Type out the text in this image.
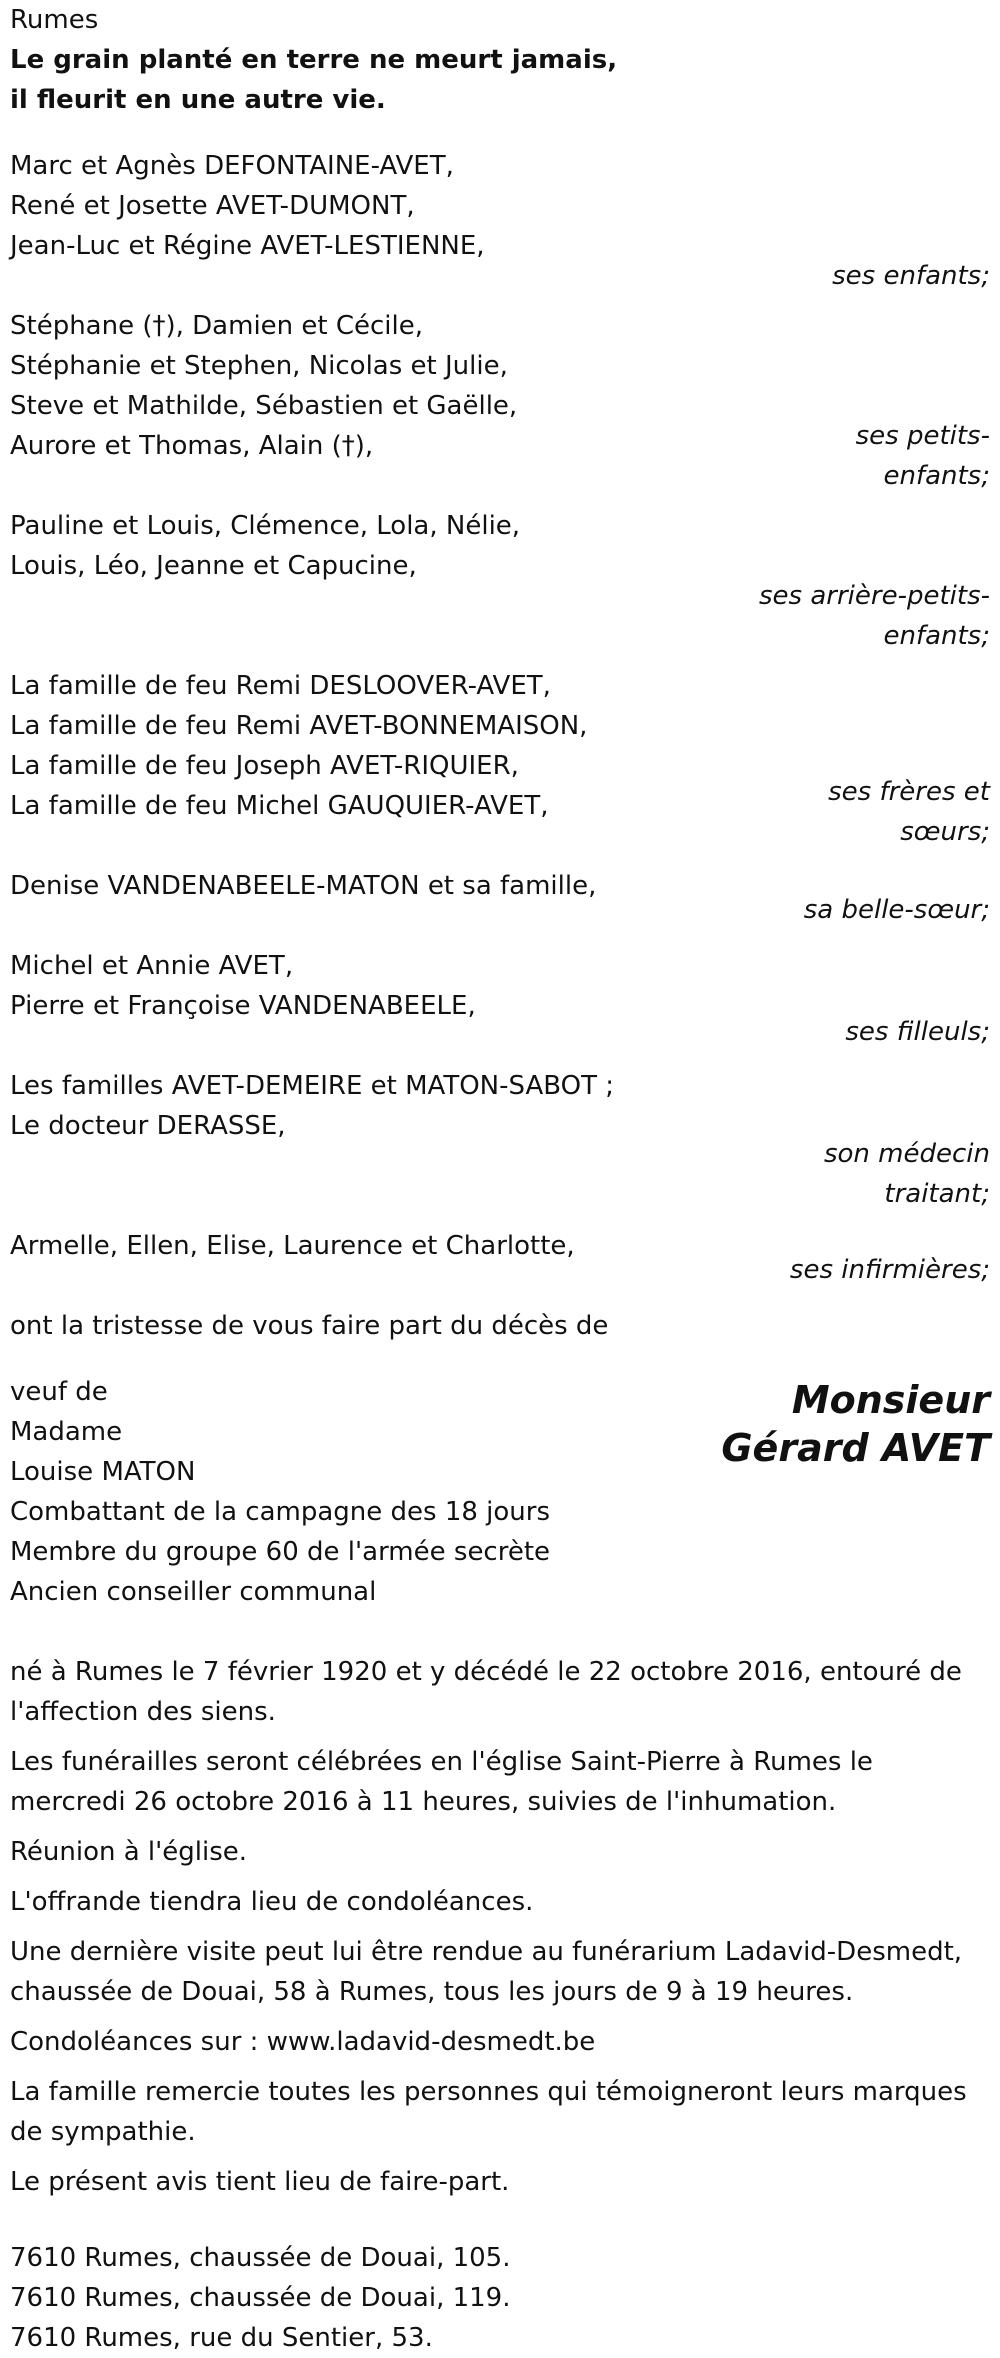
Rumes
Le grain planté en terre ne meurt jamais,
il fleurit en une autre vie.
Marc et Agnès DEFONTAINE-AVET,
René et Josette AVET-DUMONT,
Jean-Luc et Régine AVET-LESTIENNE,
ses enfants;
Stéphane (†), Damien et Cécile,
Stéphanie et Stephen, Nicolas et Julie,
Steve et Mathilde, Sébastien et Gaëlle,
Aurore et Thomas, Alain (†),	ses petits-enfants;
Pauline et Louis, Clémence, Lola, Nélie,
Louis, Léo, Jeanne et Capucine,
ses arrière-petits-enfants;
La famille de feu Remi DESLOOVER-AVET,
La famille de feu Remi AVET-BONNEMAISON,
La famille de feu Joseph AVET-RIQUIER,
La famille de feu Michel GAUQUIER-AVET,	ses frères et sœurs;
Denise VANDENABEELE-MATON et sa famille,
sa belle-sœur;
Michel et Annie AVET,
Pierre et Françoise VANDENABEELE,
ses filleuls;
Les familles AVET-DEMEIRE et MATON-SABOT ;
Le docteur DERASSE,
son médecin traitant;
Armelle, Ellen, Elise, Laurence et Charlotte,
ses infirmières;
ont la tristesse de vous faire part du décès de
veuf de
Madame
Louise MATON
Combattant de la campagne des 18 jours
Membre du groupe 60 de l'armée secrète
Ancien conseiller communal
Monsieur
Gérard AVET
né à Rumes le 7 février 1920 et y décédé le 22 octobre 2016, entouré de l'affection des siens.
Les funérailles seront célébrées en l'église Saint-Pierre à Rumes le mercredi 26 octobre 2016 à 11 heures, suivies de l'inhumation.
Réunion à l'église.
L'offrande tiendra lieu de condoléances.
Une dernière visite peut lui être rendue au funérarium Ladavid-Desmedt, chaussée de Douai, 58 à Rumes, tous les jours de 9 à 19 heures.
Condoléances sur : www.ladavid-desmedt.be
La famille remercie toutes les personnes qui témoigneront leurs marques de sympathie.
Le présent avis tient lieu de faire-part.
7610 Rumes, chaussée de Douai, 105.
7610 Rumes, chaussée de Douai, 119.
7610 Rumes, rue du Sentier, 53.
